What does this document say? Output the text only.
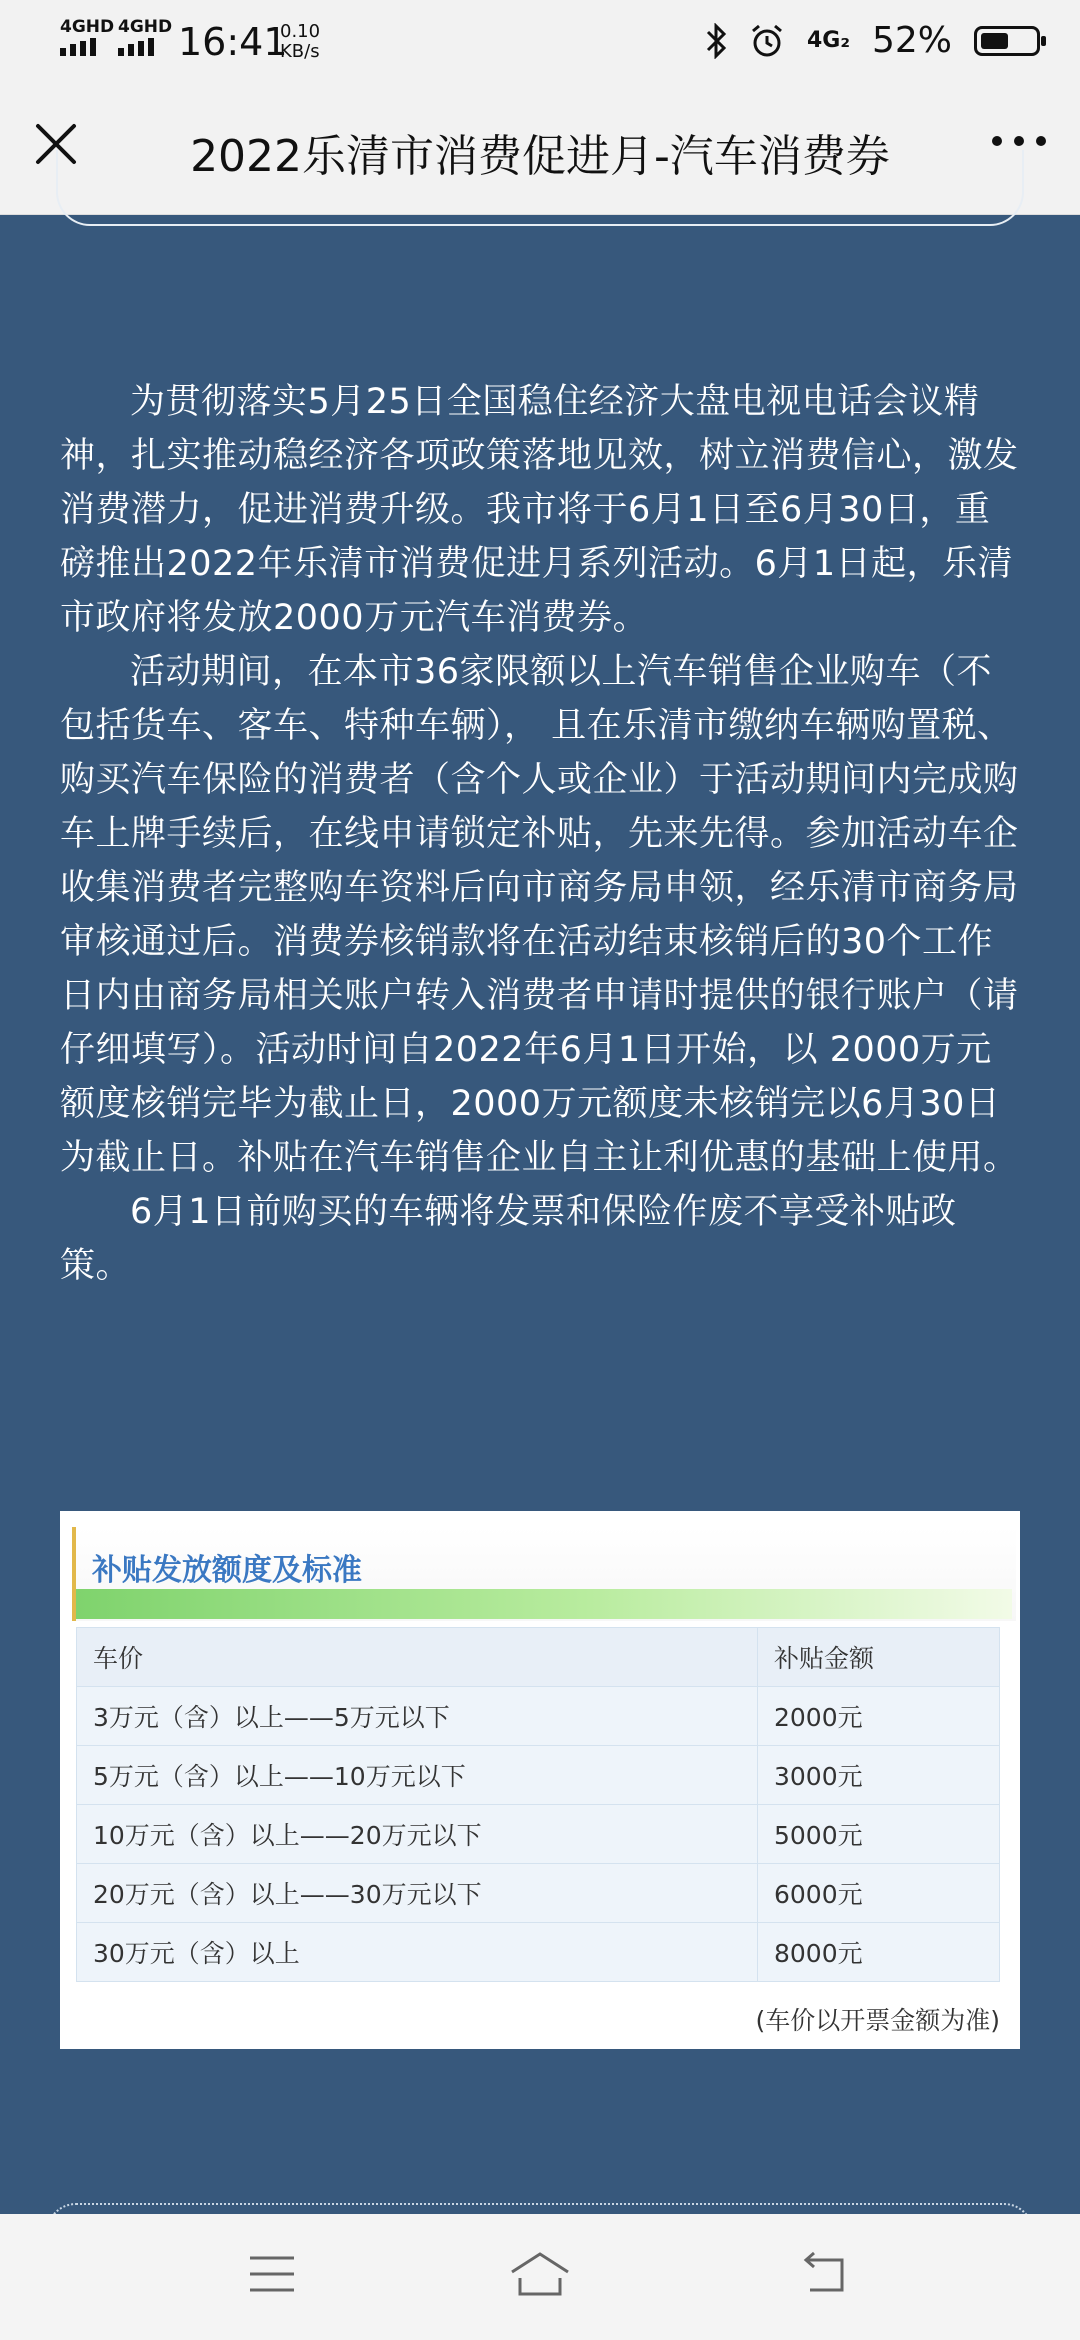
4GHD 4GHD 16:41
0.10
KB/s	4G₂ 52%
2022乐清市消费促进月-汽车消费券

为贯彻落实5月25日全国稳住经济大盘电视电话会议精神，扎实推动稳经济各项政策落地见效，树立消费信心，激发消费潜力，促进消费升级。我市将于6月1日至6月30日，重磅推出2022年乐清市消费促进月系列活动。6月1日起，乐清市政府将发放2000万元汽车消费券。

活动期间，在本市36家限额以上汽车销售企业购车（不包括货车、客车、特种车辆）， 且在乐清市缴纳车辆购置税、购买汽车保险的消费者（含个人或企业）于活动期间内完成购车上牌手续后，在线申请锁定补贴，先来先得。参加活动车企收集消费者完整购车资料后向市商务局申领，经乐清市商务局审核通过后。消费券核销款将在活动结束核销后的30个工作日内由商务局相关账户转入消费者申请时提供的银行账户（请仔细填写）。活动时间自2022年6月1日开始，以 2000万元额度核销完毕为截止日，2000万元额度未核销完以6月30日为截止日。补贴在汽车销售企业自主让利优惠的基础上使用。

6月1日前购买的车辆将发票和保险作废不享受补贴政策。

补贴发放额度及标准
车价	补贴金额
3万元（含）以上——5万元以下	2000元
5万元（含）以上——10万元以下	3000元
10万元（含）以上——20万元以下	5000元
20万元（含）以上——30万元以下	6000元
30万元（含）以上	8000元
(车价以开票金额为准)
